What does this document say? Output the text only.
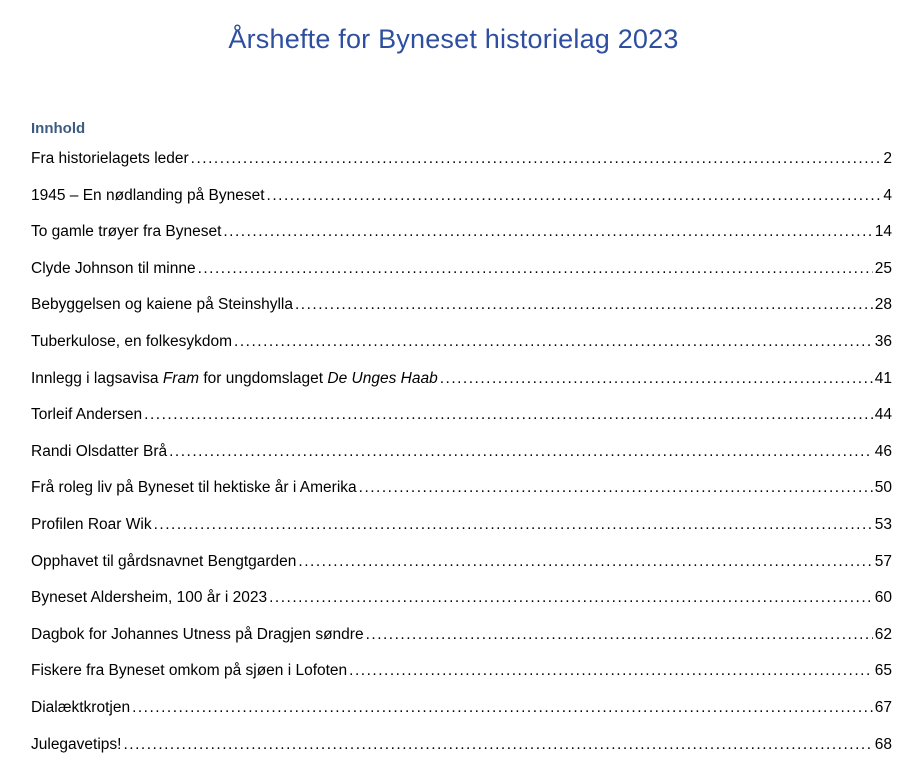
Årshefte for Byneset historielag 2023
Innhold
Fra historielagets leder .....	2
1945 – En nødlanding på Byneset .....	4
To gamle trøyer fra Byneset .....	14
Clyde Johnson til minne .....	25
Bebyggelsen og kaiene på Steinshylla .....	28
Tuberkulose, en folkesykdom .....	36
Innlegg i lagsavisa Fram for ungdomslaget De Unges Haab .....	41
Torleif Andersen .....	44
Randi Olsdatter Brå .....	46
Frå roleg liv på Byneset til hektiske år i Amerika .....	50
Profilen Roar Wik .....	53
Opphavet til gårdsnavnet Bengtgarden .....	57
Byneset Aldersheim, 100 år i 2023 .....	60
Dagbok for Johannes Utness på Dragjen søndre .....	62
Fiskere fra Byneset omkom på sjøen i Lofoten .....	65
Dialæktkrotjen .....	67
Julegavetips! .....	68
